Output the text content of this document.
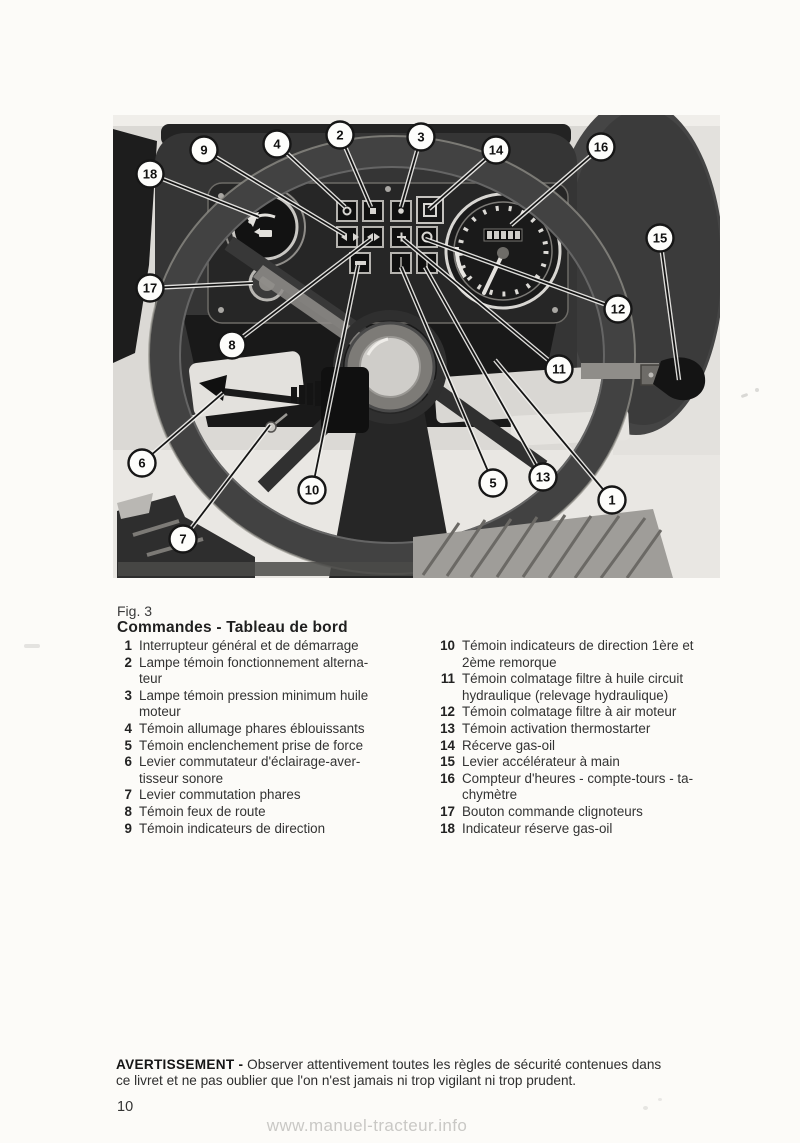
1
2	3
4
5
6
7
8
9
10
11
12
13
14
15
16
17
18
Fig. 3
Commandes - Tableau de bord
1 Interrupteur général et de démarrage
2 Lampe témoin fonctionnement alterna-
teur
3 Lampe témoin pression minimum huile
moteur
4 Témoin allumage phares éblouissants
5 Témoin enclenchement prise de force
6 Levier commutateur d'éclairage-aver-
tisseur sonore
7 Levier commutation phares
8 Témoin feux de route
9 Témoin indicateurs de direction
10 Témoin indicateurs de direction 1ère et
2ème remorque
11 Témoin colmatage filtre à huile circuit
hydraulique (relevage hydraulique)
12 Témoin colmatage filtre à air moteur
13 Témoin activation thermostarter
14 Récerve gas-oil
15 Levier accélérateur à main
16 Compteur d'heures - compte-tours - ta-
chymètre
17 Bouton commande clignoteurs
18 Indicateur réserve gas-oil

AVERTISSEMENT - Observer attentivement toutes les règles de sécurité contenues dans
ce livret et ne pas oublier que l'on n'est jamais ni trop vigilant ni trop prudent.

10
www.manuel-tracteur.info
